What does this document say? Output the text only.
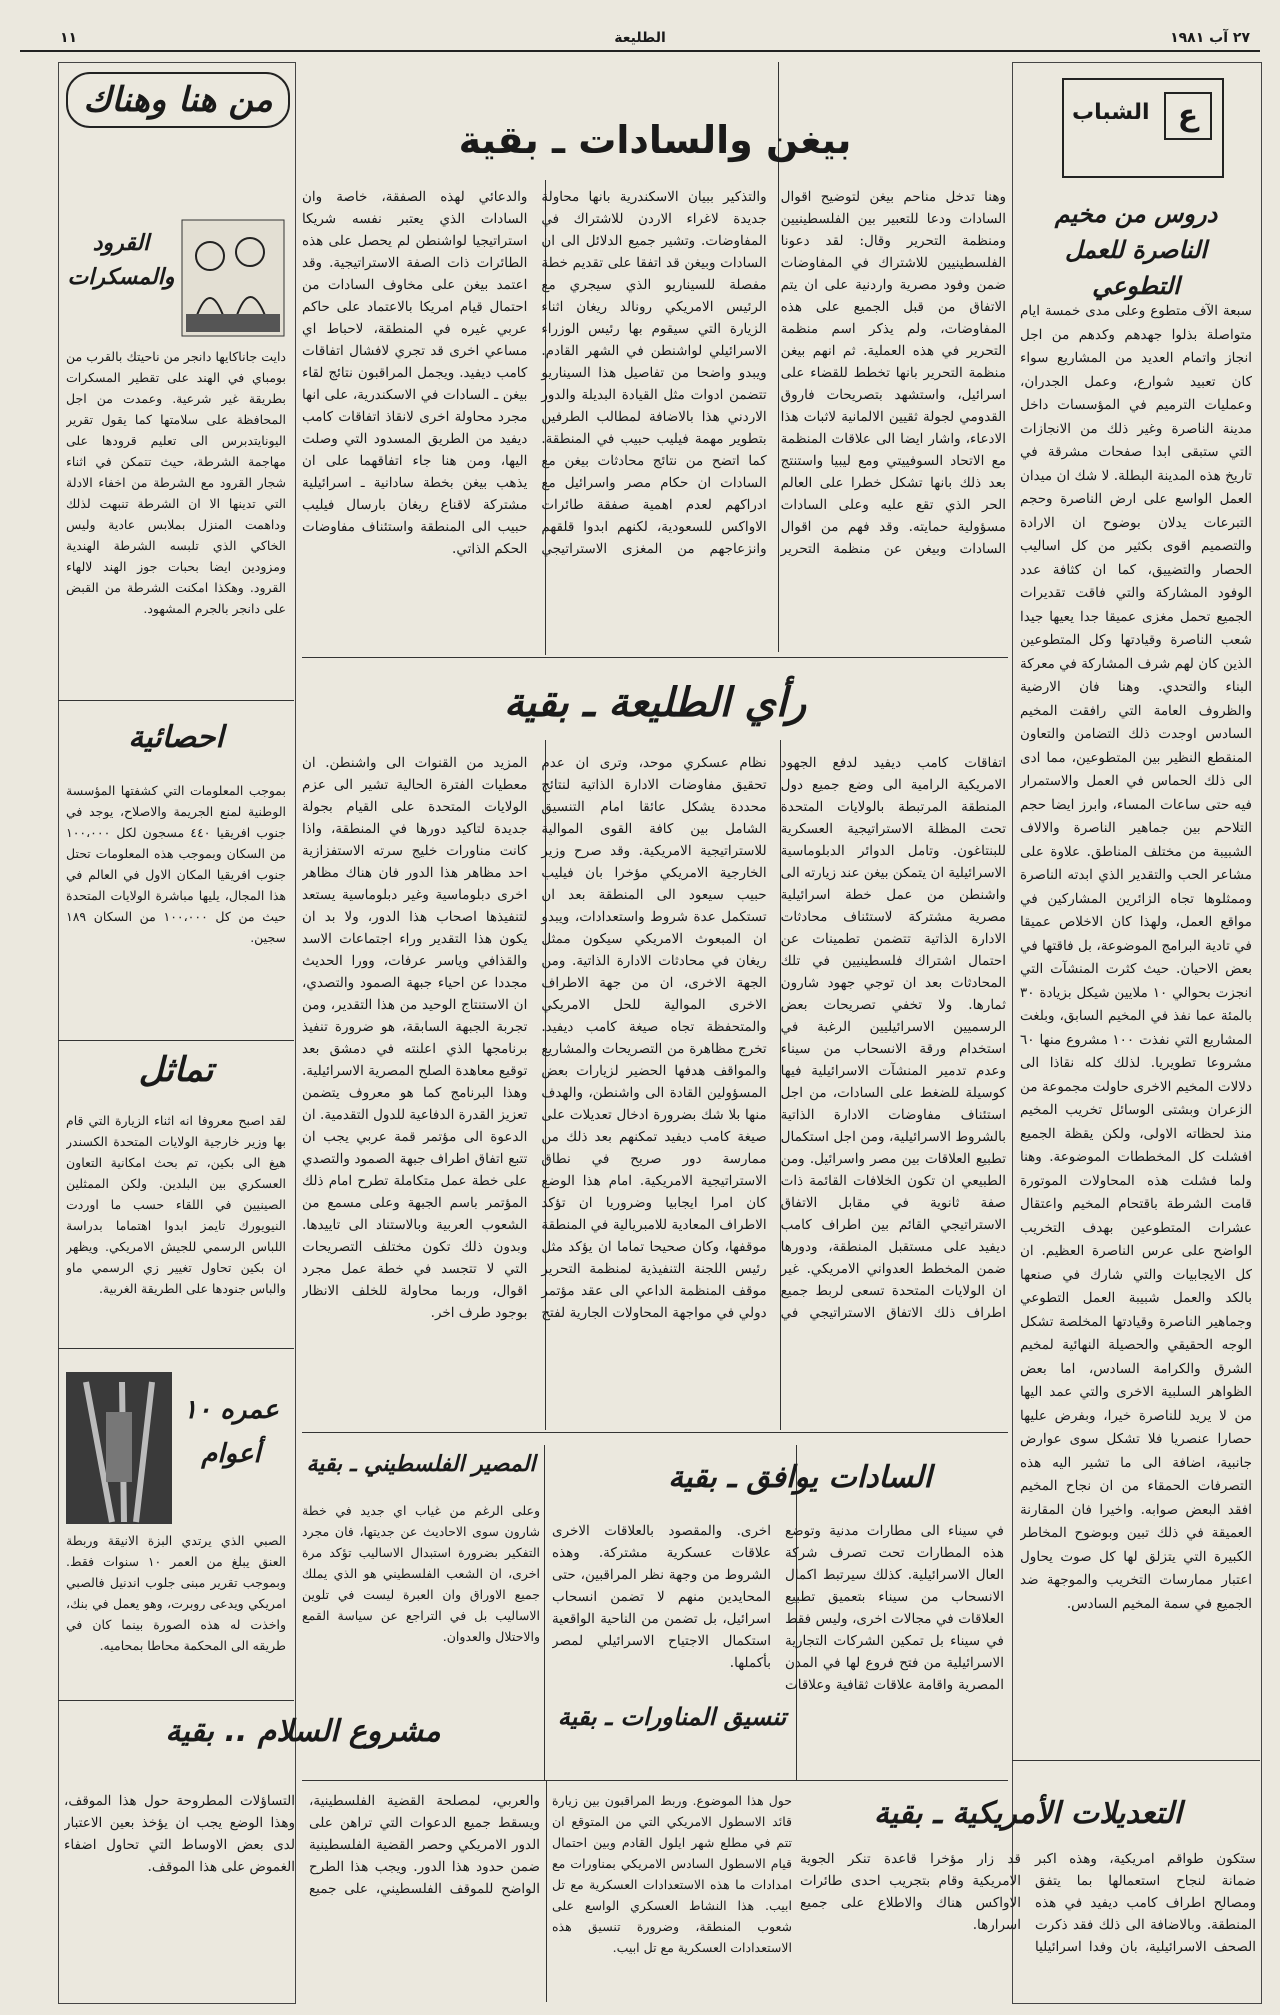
١١	الطليعة	٢٧ آب ١٩٨١
ع
الشباب
دروس من مخيم الناصرة للعمل التطوعي
سبعة الآف متطوع وعلى مدى خمسة ايام متواصلة بذلوا جهدهم وكدهم من اجل انجاز واتمام العديد من المشاريع سواء كان تعبيد شوارع، وعمل الجدران، وعمليات الترميم في المؤسسات داخل مدينة الناصرة وغير ذلك من الانجازات التي ستبقى ابدا صفحات مشرقة في تاريخ هذه المدينة البطلة. لا شك ان ميدان العمل الواسع على ارض الناصرة وحجم التبرعات يدلان بوضوح ان الارادة والتصميم اقوى بكثير من كل اساليب الحصار والتضييق، كما ان كثافة عدد الوفود المشاركة والتي فاقت تقديرات الجميع تحمل مغزى عميقا جدا يعيها جيدا شعب الناصرة وقيادتها وكل المتطوعين الذين كان لهم شرف المشاركة في معركة البناء والتحدي. وهنا فان الارضية والظروف العامة التي رافقت المخيم السادس اوجدت ذلك التضامن والتعاون المنقطع النظير بين المتطوعين، مما ادى الى ذلك الحماس في العمل والاستمرار فيه حتى ساعات المساء، وابرز ايضا حجم التلاحم بين جماهير الناصرة والالاف الشبيبة من مختلف المناطق. علاوة على مشاعر الحب والتقدير الذي ابدته الناصرة وممثلوها تجاه الزائرين المشاركين في مواقع العمل، ولهذا كان الاخلاص عميقا في تادية البرامج الموضوعة، بل فاقتها في بعض الاحيان. حيث كثرت المنشآت التي انجزت بحوالي ١٠ ملايين شيكل بزيادة ٣٠ بالمئة عما نفذ في المخيم السابق، وبلغت المشاريع التي نفذت ١٠٠ مشروع منها ٦٠ مشروعا تطويريا. لذلك كله نقاذا الى دلالات المخيم الاخرى حاولت مجموعة من الزعران وبشتى الوسائل تخريب المخيم منذ لحظاته الاولى، ولكن يقظة الجميع افشلت كل المخططات الموضوعة. وهنا ولما فشلت هذه المحاولات الموتورة قامت الشرطة باقتحام المخيم واعتقال عشرات المتطوعين بهدف التخريب الواضح على عرس الناصرة العظيم. ان كل الايجابيات والتي شارك في صنعها بالكد والعمل شبيبة العمل التطوعي وجماهير الناصرة وقيادتها المخلصة تشكل الوجه الحقيقي والحصيلة النهائية لمخيم الشرق والكرامة السادس، اما بعض الظواهر السلبية الاخرى والتي عمد اليها من لا يريد للناصرة خيرا، وبفرض عليها حصارا عنصريا فلا تشكل سوى عوارض جانبية، اضافة الى ما تشير اليه هذه التصرفات الحمقاء من ان نجاح المخيم افقد البعض صوابه. واخيرا فان المقارنة العميقة في ذلك تبين وبوضوح المخاطر الكبيرة التي يتزلق لها كل صوت يحاول اعتبار ممارسات التخريب والموجهة ضد الجميع في سمة المخيم السادس.
التعديلات الأمريكية ـ بقية
ستكون طواقم امريكية، وهذه اكبر ضمانة لنجاح استعمالها بما يتفق ومصالح اطراف كامب ديفيد في هذه المنطقة. وبالاضافة الى ذلك فقد ذكرت الصحف الاسرائيلية، بان وفدا اسرائيليا قد زار مؤخرا قاعدة تنكر الجوية الامريكية وقام بتجريب احدى طائرات الاواكس هناك والاطلاع على جميع اسرارها.
بيغن والسادات ـ بقية
وهنا تدخل مناحم بيغن لتوضيح اقوال السادات ودعا للتعبير بين الفلسطينيين ومنظمة التحرير وقال: لقد دعونا الفلسطينيين للاشتراك في المفاوضات ضمن وفود مصرية واردنية على ان يتم الاتفاق من قبل الجميع على هذه المفاوضات، ولم يذكر اسم منظمة التحرير في هذه العملية. ثم انهم بيغن منظمة التحرير بانها تخطط للقضاء على اسرائيل، واستشهد بتصريحات فاروق القدومي لجولة ثقيين الالمانية لاثبات هذا الادعاء، واشار ايضا الى علاقات المنظمة مع الاتحاد السوفييتي ومع ليبيا واستنتج بعد ذلك بانها تشكل خطرا على العالم الحر الذي تقع عليه وعلى السادات مسؤولية حمايته. وقد فهم من اقوال السادات وبيغن عن منظمة التحرير والتذكير ببيان الاسكندرية بانها محاولة جديدة لاغراء الاردن للاشتراك في المفاوضات. وتشير جميع الدلائل الى ان السادات وبيغن قد اتفقا على تقديم خطة مفصلة للسيناريو الذي سيجري مع الرئيس الامريكي رونالد ريغان اثناء الزيارة التي سيقوم بها رئيس الوزراء الاسرائيلي لواشنطن في الشهر القادم. ويبدو واضحا من تفاصيل هذا السيناريو تتضمن ادوات مثل القيادة البديلة والدور الاردني هذا بالاضافة لمطالب الطرفين بتطوير مهمة فيليب حبيب في المنطقة. كما اتضح من نتائج محادثات بيغن مع السادات ان حكام مصر واسرائيل مع ادراكهم لعدم اهمية صفقة طائرات الاواكس للسعودية، لكنهم ابدوا قلقهم وانزعاجهم من المغزى الاستراتيجي والدعائي لهذه الصفقة، خاصة وان السادات الذي يعتبر نفسه شريكا استراتيجيا لواشنطن لم يحصل على هذه الطائرات ذات الصفة الاستراتيجية. وقد اعتمد بيغن على مخاوف السادات من احتمال قيام امريكا بالاعتماد على حاكم عربي غيره في المنطقة، لاحباط اي مساعي اخرى قد تجري لافشال اتفاقات كامب ديفيد. ويجمل المراقبون نتائج لقاء بيغن ـ السادات في الاسكندرية، على انها مجرد محاولة اخرى لانقاذ اتفاقات كامب ديفيد من الطريق المسدود التي وصلت اليها، ومن هنا جاء اتفاقهما على ان يذهب بيغن بخطة سادانية ـ اسرائيلية مشتركة لاقناع ريغان بارسال فيليب حبيب الى المنطقة واستئناف مفاوضات الحكم الذاتي.
رأي الطليعة ـ بقية
اتفاقات كامب ديفيد لدفع الجهود الامريكية الرامية الى وضع جميع دول المنطقة المرتبطة بالولايات المتحدة تحت المظلة الاستراتيجية العسكرية للبنتاغون. وتامل الدوائر الدبلوماسية الاسرائيلية ان يتمكن بيغن عند زيارته الى واشنطن من عمل خطة اسرائيلية مصرية مشتركة لاستئناف محادثات الادارة الذاتية تتضمن تطمينات عن احتمال اشتراك فلسطينيين في تلك المحادثات بعد ان توجي جهود شارون ثمارها. ولا تخفي تصريحات بعض الرسميين الاسرائيليين الرغبة في استخدام ورقة الانسحاب من سيناء وعدم تدمير المنشآت الاسرائيلية فيها كوسيلة للضغط على السادات، من اجل استئناف مفاوضات الادارة الذاتية بالشروط الاسرائيلية، ومن اجل استكمال تطبيع العلاقات بين مصر واسرائيل. ومن الطبيعي ان تكون الخلافات القائمة ذات صفة ثانوية في مقابل الاتفاق الاستراتيجي القائم بين اطراف كامب ديفيد على مستقبل المنطقة، ودورها ضمن المخطط العدواني الامريكي. غير ان الولايات المتحدة تسعى لربط جميع اطراف ذلك الاتفاق الاستراتيجي في نظام عسكري موحد، وترى ان عدم تحقيق مفاوضات الادارة الذاتية لنتائج محددة يشكل عائقا امام التنسيق الشامل بين كافة القوى الموالية للاستراتيجية الامريكية. وقد صرح وزير الخارجية الامريكي مؤخرا بان فيليب حبيب سيعود الى المنطقة بعد ان تستكمل عدة شروط واستعدادات، ويبدو ان المبعوث الامريكي سيكون ممثل ريغان في محادثات الادارة الذاتية. ومن الجهة الاخرى، ان من جهة الاطراف الاخرى الموالية للحل الامريكي والمتحفظة تجاه صيغة كامب ديفيد. تخرج مظاهرة من التصريحات والمشاريع والمواقف هدفها الحضير لزيارات بعض المسؤولين القادة الى واشنطن، والهدف منها بلا شك بضرورة ادخال تعديلات على صيغة كامب ديفيد تمكنهم بعد ذلك من ممارسة دور صريح في نطاق الاستراتيجية الامريكية. امام هذا الوضع كان امرا ايجابيا وضروريا ان تؤكد الاطراف المعادية للامبريالية في المنطقة موقفها، وكان صحيحا تماما ان يؤكد مثل رئيس اللجنة التنفيذية لمنظمة التحرير موقف المنظمة الداعي الى عقد مؤتمر دولي في مواجهة المحاولات الجارية لفتح المزيد من القنوات الى واشنطن. ان معطيات الفترة الحالية تشير الى عزم الولايات المتحدة على القيام بجولة جديدة لتاكيد دورها في المنطقة، واذا كانت مناورات خليج سرته الاستفزازية احد مظاهر هذا الدور فان هناك مظاهر اخرى دبلوماسية وغير دبلوماسية يستعد لتنفيذها اصحاب هذا الدور، ولا بد ان يكون هذا التقدير وراء اجتماعات الاسد والقذافي وياسر عرفات، وورا الحديث مجددا عن احياء جبهة الصمود والتصدي، ان الاستنتاج الوحيد من هذا التقدير، ومن تجربة الجبهة السابقة، هو ضرورة تنفيذ برنامجها الذي اعلنته في دمشق بعد توقيع معاهدة الصلح المصرية الاسرائيلية. وهذا البرنامج كما هو معروف يتضمن تعزيز القدرة الدفاعية للدول التقدمية. ان الدعوة الى مؤتمر قمة عربي يجب ان تتبع اتفاق اطراف جبهة الصمود والتصدي على خطة عمل متكاملة تطرح امام ذلك المؤتمر باسم الجبهة وعلى مسمع من الشعوب العربية وبالاستناد الى تاييدها. وبدون ذلك تكون مختلف التصريحات التي لا تتجسد في خطة عمل مجرد اقوال، وربما محاولة للخلف الانظار بوجود طرف اخر.
السادات يوافق ـ بقية
في سيناء الى مطارات مدنية وتوضع هذه المطارات تحت تصرف شركة العال الاسرائيلية. كذلك سيرتبط اكمال الانسحاب من سيناء بتعميق تطبيع العلاقات في مجالات اخرى، وليس فقط في سيناء بل تمكين الشركات التجارية الاسرائيلية من فتح فروع لها في المدن المصرية واقامة علاقات ثقافية وعلاقات اخرى. والمقصود بالعلاقات الاخرى علاقات عسكرية مشتركة. وهذه الشروط من وجهة نظر المراقبين، حتى المحايدين منهم لا تضمن انسحاب اسرائيل، بل تضمن من الناحية الواقعية استكمال الاجتياح الاسرائيلي لمصر بأكملها.
المصير الفلسطيني ـ بقية
وعلى الرغم من غياب اي جديد في خطة شارون سوى الاحاديث عن جديتها، فان مجرد التفكير بضرورة استبدال الاساليب تؤكد مرة اخرى، ان الشعب الفلسطيني هو الذي يملك جميع الاوراق وان العبرة ليست في تلوين الاساليب بل في التراجع عن سياسة القمع والاحتلال والعدوان.
تنسيق المناورات ـ بقية
حول هذا الموضوع. وربط المراقبون بين زيارة قائد الاسطول الامريكي التي من المتوقع ان تتم في مطلع شهر ايلول القادم وبين احتمال قيام الاسطول السادس الامريكي بمناورات مع امدادات ما هذه الاستعدادات العسكرية مع تل ابيب. هذا النشاط العسكري الواسع على شعوب المنطقة، وضرورة تنسيق هذه الاستعدادات العسكرية مع تل ابيب.
مشروع السلام .. بقية
والعربي، لمصلحة القضية الفلسطينية، ويسقط جميع الدعوات التي تراهن على الدور الامريكي وحصر القضية الفلسطينية ضمن حدود هذا الدور. ويجب هذا الطرح الواضح للموقف الفلسطيني، على جميع التساؤلات المطروحة حول هذا الموقف، وهذا الوضع يجب ان يؤخذ بعين الاعتبار لدى بعض الاوساط التي تحاول اضفاء الغموض على هذا الموقف.
من هنا وهناك
القرود والمسكرات
دايت جاناكايها دانجر من ناحيتك بالقرب من بومباي في الهند على تقطير المسكرات بطريقة غير شرعية. وعمدت من اجل المحافظة على سلامتها كما يقول تقرير اليونايتدبرس الى تعليم قرودها على مهاجمة الشرطة، حيث تتمكن في اثناء شجار القرود مع الشرطة من اخفاء الادلة التي تدينها الا ان الشرطة تنبهت لذلك وداهمت المنزل بملابس عادية وليس الخاكي الذي تلبسه الشرطة الهندية ومزودين ايضا بحبات جوز الهند لالهاء القرود. وهكذا امكنت الشرطة من القبض على دانجر بالجرم المشهود.
احصائية
بموجب المعلومات التي كشفتها المؤسسة الوطنية لمنع الجريمة والاصلاح، يوجد في جنوب افريقيا ٤٤٠ مسجون لكل ١٠٠،٠٠٠ من السكان وبموجب هذه المعلومات تحتل جنوب افريقيا المكان الاول في العالم في هذا المجال، يليها مباشرة الولايات المتحدة حيث من كل ١٠٠،٠٠٠ من السكان ١٨٩ سجين.
تماثل
لقد اصبح معروفا انه اثناء الزيارة التي قام بها وزير خارجية الولايات المتحدة الكسندر هيغ الى بكين، تم بحث امكانية التعاون العسكري بين البلدين. ولكن الممثلين الصينيين في اللقاء حسب ما اوردت النيويورك تايمز ابدوا اهتماما بدراسة اللباس الرسمي للجيش الامريكي. ويظهر ان بكين تحاول تغيير زي الرسمي ماو والباس جنودها على الطريقة الغربية.
عمره ١٠ أعوام
الصبي الذي يرتدي البزة الانيقة وربطة العنق يبلغ من العمر ١٠ سنوات فقط. وبموجب تقرير مبنى جلوب اندنيل فالصبي امريكي ويدعى روبرت، وهو يعمل في بنك، واخذت له هذه الصورة بينما كان في طريقه الى المحكمة محاطا بمحاميه.
